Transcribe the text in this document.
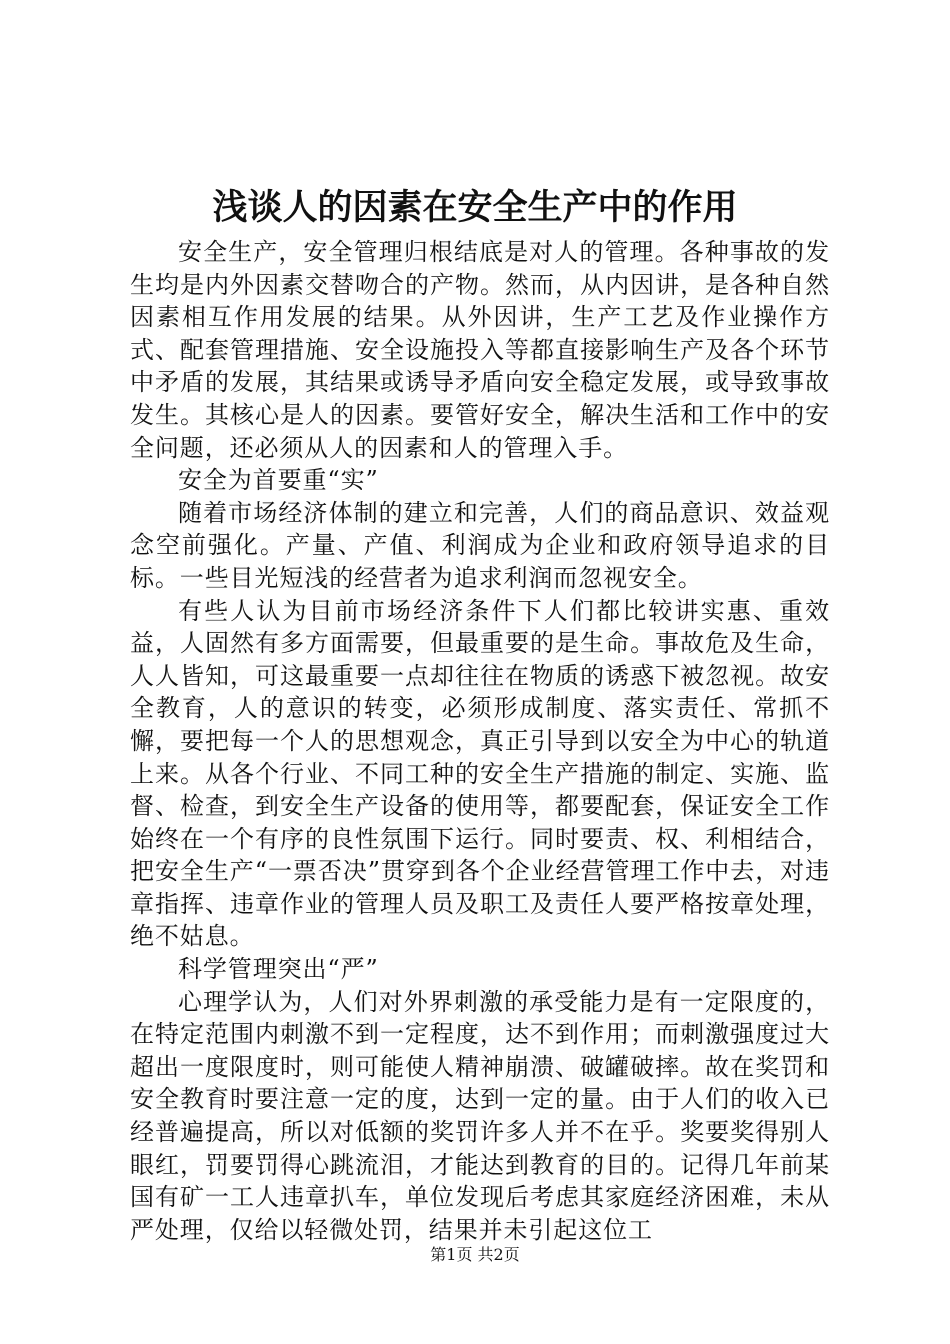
浅谈人的因素在安全生产中的作用

安全生产，安全管理归根结底是对人的管理。各种事故的发生均是内外因素交替吻合的产物。然而，从内因讲，是各种自然因素相互作用发展的结果。从外因讲，生产工艺及作业操作方式、配套管理措施、安全设施投入等都直接影响生产及各个环节中矛盾的发展，其结果或诱导矛盾向安全稳定发展，或导致事故发生。其核心是人的因素。要管好安全，解决生活和工作中的安全问题，还必须从人的因素和人的管理入手。

安全为首要重“实”

随着市场经济体制的建立和完善，人们的商品意识、效益观念空前强化。产量、产值、利润成为企业和政府领导追求的目标。一些目光短浅的经营者为追求利润而忽视安全。

有些人认为目前市场经济条件下人们都比较讲实惠、重效益，人固然有多方面需要，但最重要的是生命。事故危及生命，人人皆知，可这最重要一点却往往在物质的诱惑下被忽视。故安全教育，人的意识的转变，必须形成制度、落实责任、常抓不懈，要把每一个人的思想观念，真正引导到以安全为中心的轨道上来。从各个行业、不同工种的安全生产措施的制定、实施、监督、检查，到安全生产设备的使用等，都要配套，保证安全工作始终在一个有序的良性氛围下运行。同时要责、权、利相结合，把安全生产“一票否决”贯穿到各个企业经营管理工作中去，对违章指挥、违章作业的管理人员及职工及责任人要严格按章处理，绝不姑息。

科学管理突出“严”

心理学认为，人们对外界刺激的承受能力是有一定限度的，在特定范围内刺激不到一定程度，达不到作用；而刺激强度过大超出一度限度时，则可能使人精神崩溃、破罐破摔。故在奖罚和安全教育时要注意一定的度，达到一定的量。由于人们的收入已经普遍提高，所以对低额的奖罚许多人并不在乎。奖要奖得别人眼红，罚要罚得心跳流泪，才能达到教育的目的。记得几年前某国有矿一工人违章扒车，单位发现后考虑其家庭经济困难，未从严处理，仅给以轻微处罚，结果并未引起这位工

第1页 共2页
